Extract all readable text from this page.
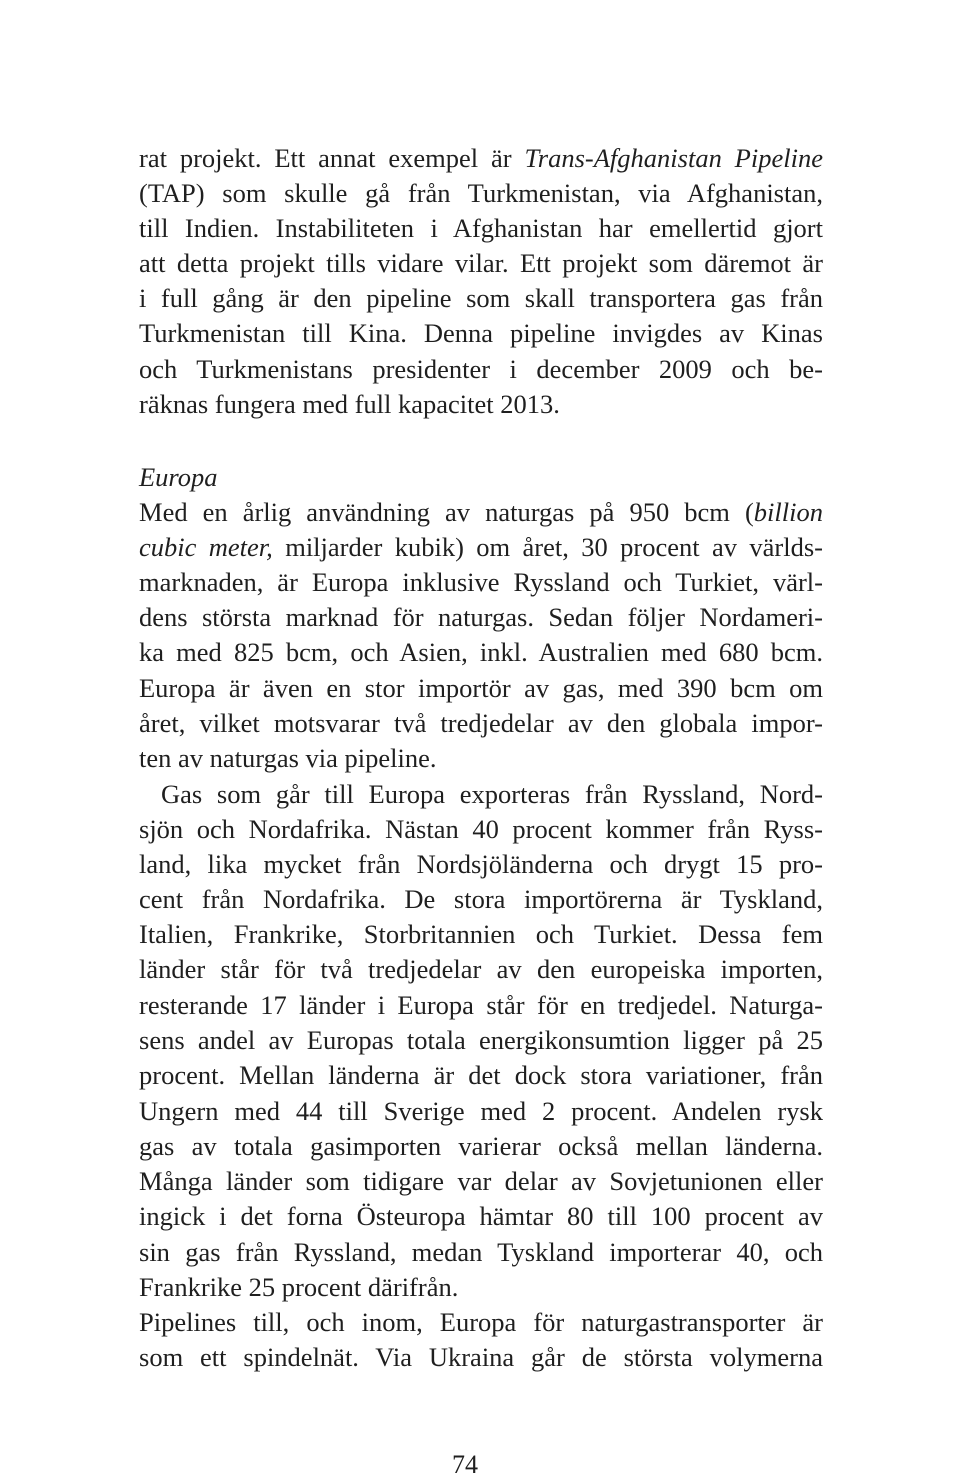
rat projekt. Ett annat exempel är Trans-Afghanistan Pipeline
(TAP) som skulle gå från Turkmenistan, via Afghanistan,
till Indien. Instabiliteten i Afghanistan har emellertid gjort
att detta projekt tills vidare vilar. Ett projekt som däremot är
i full gång är den pipeline som skall transportera gas från
Turkmenistan till Kina. Denna pipeline invigdes av Kinas
och Turkmenistans presidenter i december 2009 och be-
räknas fungera med full kapacitet 2013.
Europa
Med en årlig användning av naturgas på 950 bcm (billion
cubic meter, miljarder kubik) om året, 30 procent av världs-
marknaden, är Europa inklusive Ryssland och Turkiet, värl-
dens största marknad för naturgas. Sedan följer Nordameri-
ka med 825 bcm, och Asien, inkl. Australien med 680 bcm.
Europa är även en stor importör av gas, med 390 bcm om
året, vilket motsvarar två tredjedelar av den globala impor-
ten av naturgas via pipeline.
Gas som går till Europa exporteras från Ryssland, Nord-
sjön och Nordafrika. Nästan 40 procent kommer från Ryss-
land, lika mycket från Nordsjöländerna och drygt 15 pro-
cent från Nordafrika. De stora importörerna är Tyskland,
Italien, Frankrike, Storbritannien och Turkiet. Dessa fem
länder står för två tredjedelar av den europeiska importen,
resterande 17 länder i Europa står för en tredjedel. Naturga-
sens andel av Europas totala energikonsumtion ligger på 25
procent. Mellan länderna är det dock stora variationer, från
Ungern med 44 till Sverige med 2 procent. Andelen rysk
gas av totala gasimporten varierar också mellan länderna.
Många länder som tidigare var delar av Sovjetunionen eller
ingick i det forna Östeuropa hämtar 80 till 100 procent av
sin gas från Ryssland, medan Tyskland importerar 40, och
Frankrike 25 procent därifrån.
Pipelines till, och inom, Europa för naturgastransporter är
som ett spindelnät. Via Ukraina går de största volymerna
74
